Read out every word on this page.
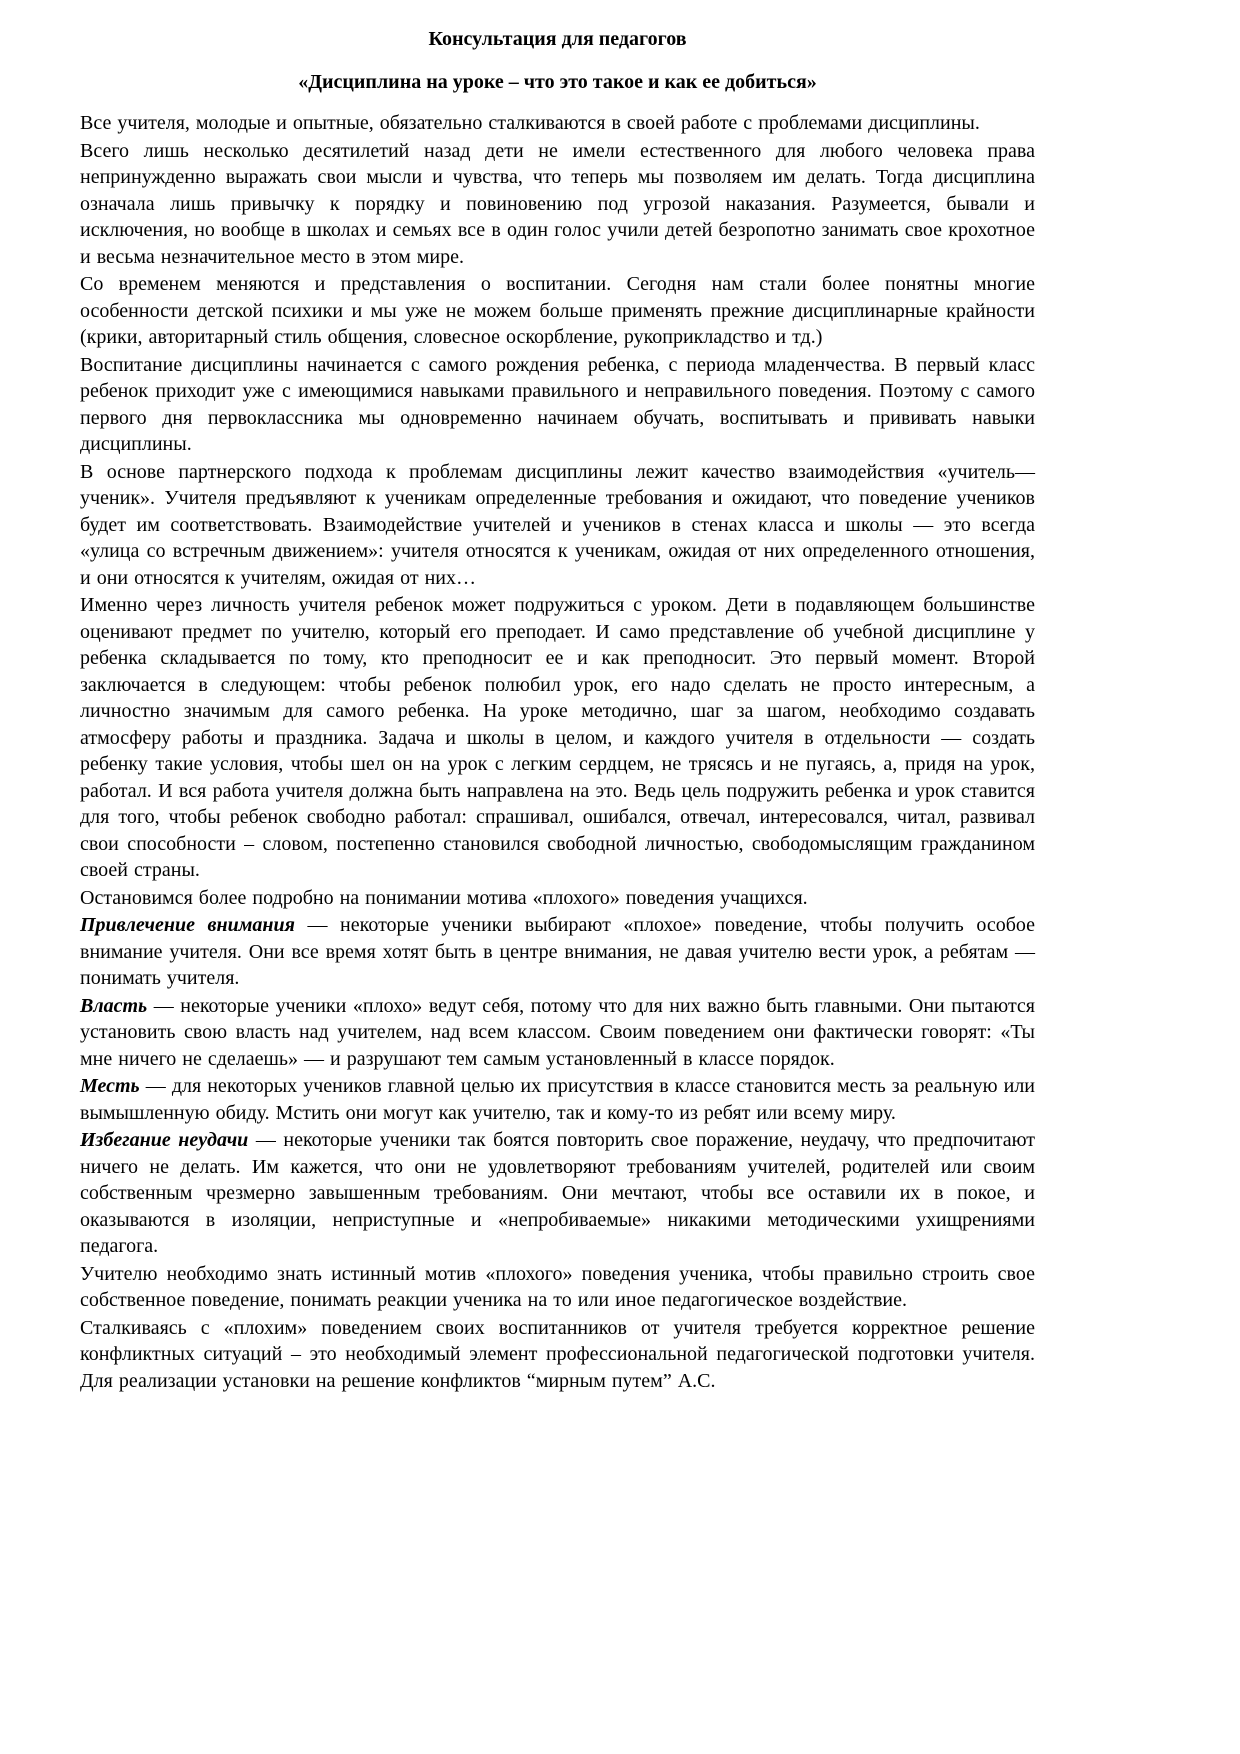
Консультация для педагогов
«Дисциплина на уроке – что это такое и как ее добиться»

Все учителя, молодые и опытные, обязательно сталкиваются в своей работе с проблемами дисциплины.

Всего лишь несколько десятилетий назад дети не имели естественного для любого человека права непринужденно выражать свои мысли и чувства, что теперь мы позволяем им делать. Тогда дисциплина означала лишь привычку к порядку и повиновению под угрозой наказания. Разумеется, бывали и исключения, но вообще в школах и семьях все в один голос учили детей безропотно занимать свое крохотное и весьма незначительное место в этом мире.

Со временем меняются и представления о воспитании. Сегодня нам стали более понятны многие особенности детской психики и мы уже не можем больше применять прежние дисциплинарные крайности (крики, авторитарный стиль общения, словесное оскорбление, рукоприкладство и тд.)

Воспитание дисциплины начинается с самого рождения ребенка, с периода младенчества. В первый класс ребенок приходит уже с имеющимися навыками правильного и неправильного поведения. Поэтому с самого первого дня первоклассника мы одновременно начинаем обучать, воспитывать и прививать навыки дисциплины.

В основе партнерского подхода к проблемам дисциплины лежит качество взаимодействия «учитель—ученик». Учителя предъявляют к ученикам определенные требования и ожидают, что поведение учеников будет им соответствовать. Взаимодействие учителей и учеников в стенах класса и школы — это всегда «улица со встречным движением»: учителя относятся к ученикам, ожидая от них определенного отношения, и они относятся к учителям, ожидая от них…

Именно через личность учителя ребенок может подружиться с уроком. Дети в подавляющем большинстве оценивают предмет по учителю, который его преподает. И само представление об учебной дисциплине у ребенка складывается по тому, кто преподносит ее и как преподносит. Это первый момент. Второй заключается в следующем: чтобы ребенок полюбил урок, его надо сделать не просто интересным, а личностно значимым для самого ребенка. На уроке методично, шаг за шагом, необходимо создавать атмосферу работы и праздника. Задача и школы в целом, и каждого учителя в отдельности — создать ребенку такие условия, чтобы шел он на урок с легким сердцем, не трясясь и не пугаясь, а, придя на урок, работал. И вся работа учителя должна быть направлена на это. Ведь цель подружить ребенка и урок ставится для того, чтобы ребенок свободно работал: спрашивал, ошибался, отвечал, интересовался, читал, развивал свои способности – словом, постепенно становился свободной личностью, свободомыслящим гражданином своей страны.

Остановимся более подробно на понимании мотива «плохого» поведения учащихся.

Привлечение внимания — некоторые ученики выбирают «плохое» поведение, чтобы получить особое внимание учителя. Они все время хотят быть в центре внимания, не давая учителю вести урок, а ребятам — понимать учителя.

Власть — некоторые ученики «плохо» ведут себя, потому что для них важно быть главными. Они пытаются установить свою власть над учителем, над всем классом. Своим поведением они фактически говорят: «Ты мне ничего не сделаешь» — и разрушают тем самым установленный в классе порядок.

Месть — для некоторых учеников главной целью их присутствия в классе становится месть за реальную или вымышленную обиду. Мстить они могут как учителю, так и кому-то из ребят или всему миру.

Избегание неудачи — некоторые ученики так боятся повторить свое поражение, неудачу, что предпочитают ничего не делать. Им кажется, что они не удовлетворяют требованиям учителей, родителей или своим собственным чрезмерно завышенным требованиям. Они мечтают, чтобы все оставили их в покое, и оказываются в изоляции, неприступные и «непробиваемые» никакими методическими ухищрениями педагога.

Учителю необходимо знать истинный мотив «плохого» поведения ученика, чтобы правильно строить свое собственное поведение, понимать реакции ученика на то или иное педагогическое воздействие.

Сталкиваясь с «плохим» поведением своих воспитанников от учителя требуется корректное решение конфликтных ситуаций – это необходимый элемент профессиональной педагогической подготовки учителя. Для реализации установки на решение конфликтов “мирным путем” А.С.
